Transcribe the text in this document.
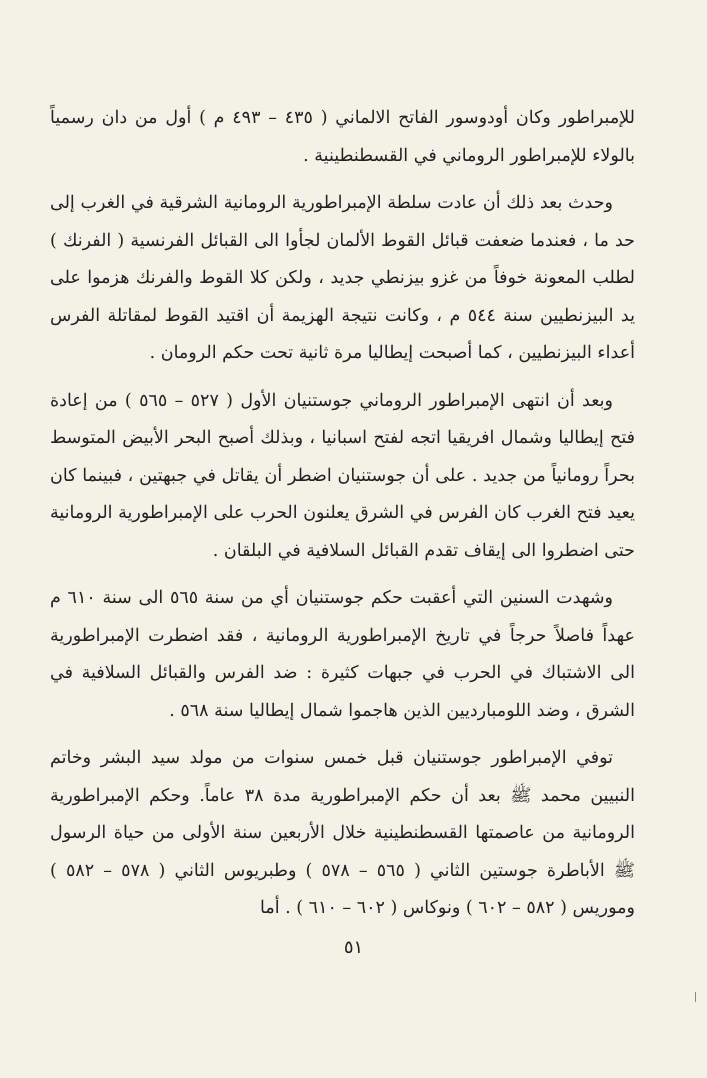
للإمبراطور وكان أودوسور الفاتح الالماني ( ٤٣٥ – ٤٩٣ م ) أول من دان رسمياً بالولاء للإمبراطور الروماني في القسطنطينية .

وحدث بعد ذلك أن عادت سلطة الإمبراطورية الرومانية الشرقية في الغرب إلى حد ما ، فعندما ضعفت قبائل القوط الألمان لجأوا الى القبائل الفرنسية ( الفرنك ) لطلب المعونة خوفاً من غزو بيزنطي جديد ، ولكن كلا القوط والفرنك هزموا على يد البيزنطيين سنة ٥٤٤ م ، وكانت نتيجة الهزيمة أن اقتيد القوط لمقاتلة الفرس أعداء البيزنطيين ، كما أصبحت إيطاليا مرة ثانية تحت حكم الرومان .

وبعد أن انتهى الإمبراطور الروماني جوستنيان الأول ( ٥٢٧ – ٥٦٥ ) من إعادة فتح إيطاليا وشمال افريقيا اتجه لفتح اسبانيا ، وبذلك أصبح البحر الأبيض المتوسط بحراً رومانياً من جديد . على أن جوستنيان اضطر أن يقاتل في جبهتين ، فبينما كان يعيد فتح الغرب كان الفرس في الشرق يعلنون الحرب على الإمبراطورية الرومانية حتى اضطروا الى إيقاف تقدم القبائل السلافية في البلقان .

وشهدت السنين التي أعقبت حكم جوستنيان أي من سنة ٥٦٥ الى سنة ٦١٠ م عهداً فاصلاً حرجاً في تاريخ الإمبراطورية الرومانية ، فقد اضطرت الإمبراطورية الى الاشتباك في الحرب في جبهات كثيرة : ضد الفرس والقبائل السلافية في الشرق ، وضد اللومبارديين الذين هاجموا شمال إيطاليا سنة ٥٦٨ .

توفي الإمبراطور جوستنيان قبل خمس سنوات من مولد سيد البشر وخاتم النبيين محمد ﷺ بعد أن حكم الإمبراطورية مدة ٣٨ عاماً. وحكم الإمبراطورية الرومانية من عاصمتها القسطنطينية خلال الأربعين سنة الأولى من حياة الرسول ﷺ الأباطرة جوستين الثاني ( ٥٦٥ – ٥٧٨ ) وطبريوس الثاني ( ٥٧٨ – ٥٨٢ ) وموريس ( ٥٨٢ – ٦٠٢ ) ونوكاس ( ٦٠٢ – ٦١٠ ) . أما

٥١
